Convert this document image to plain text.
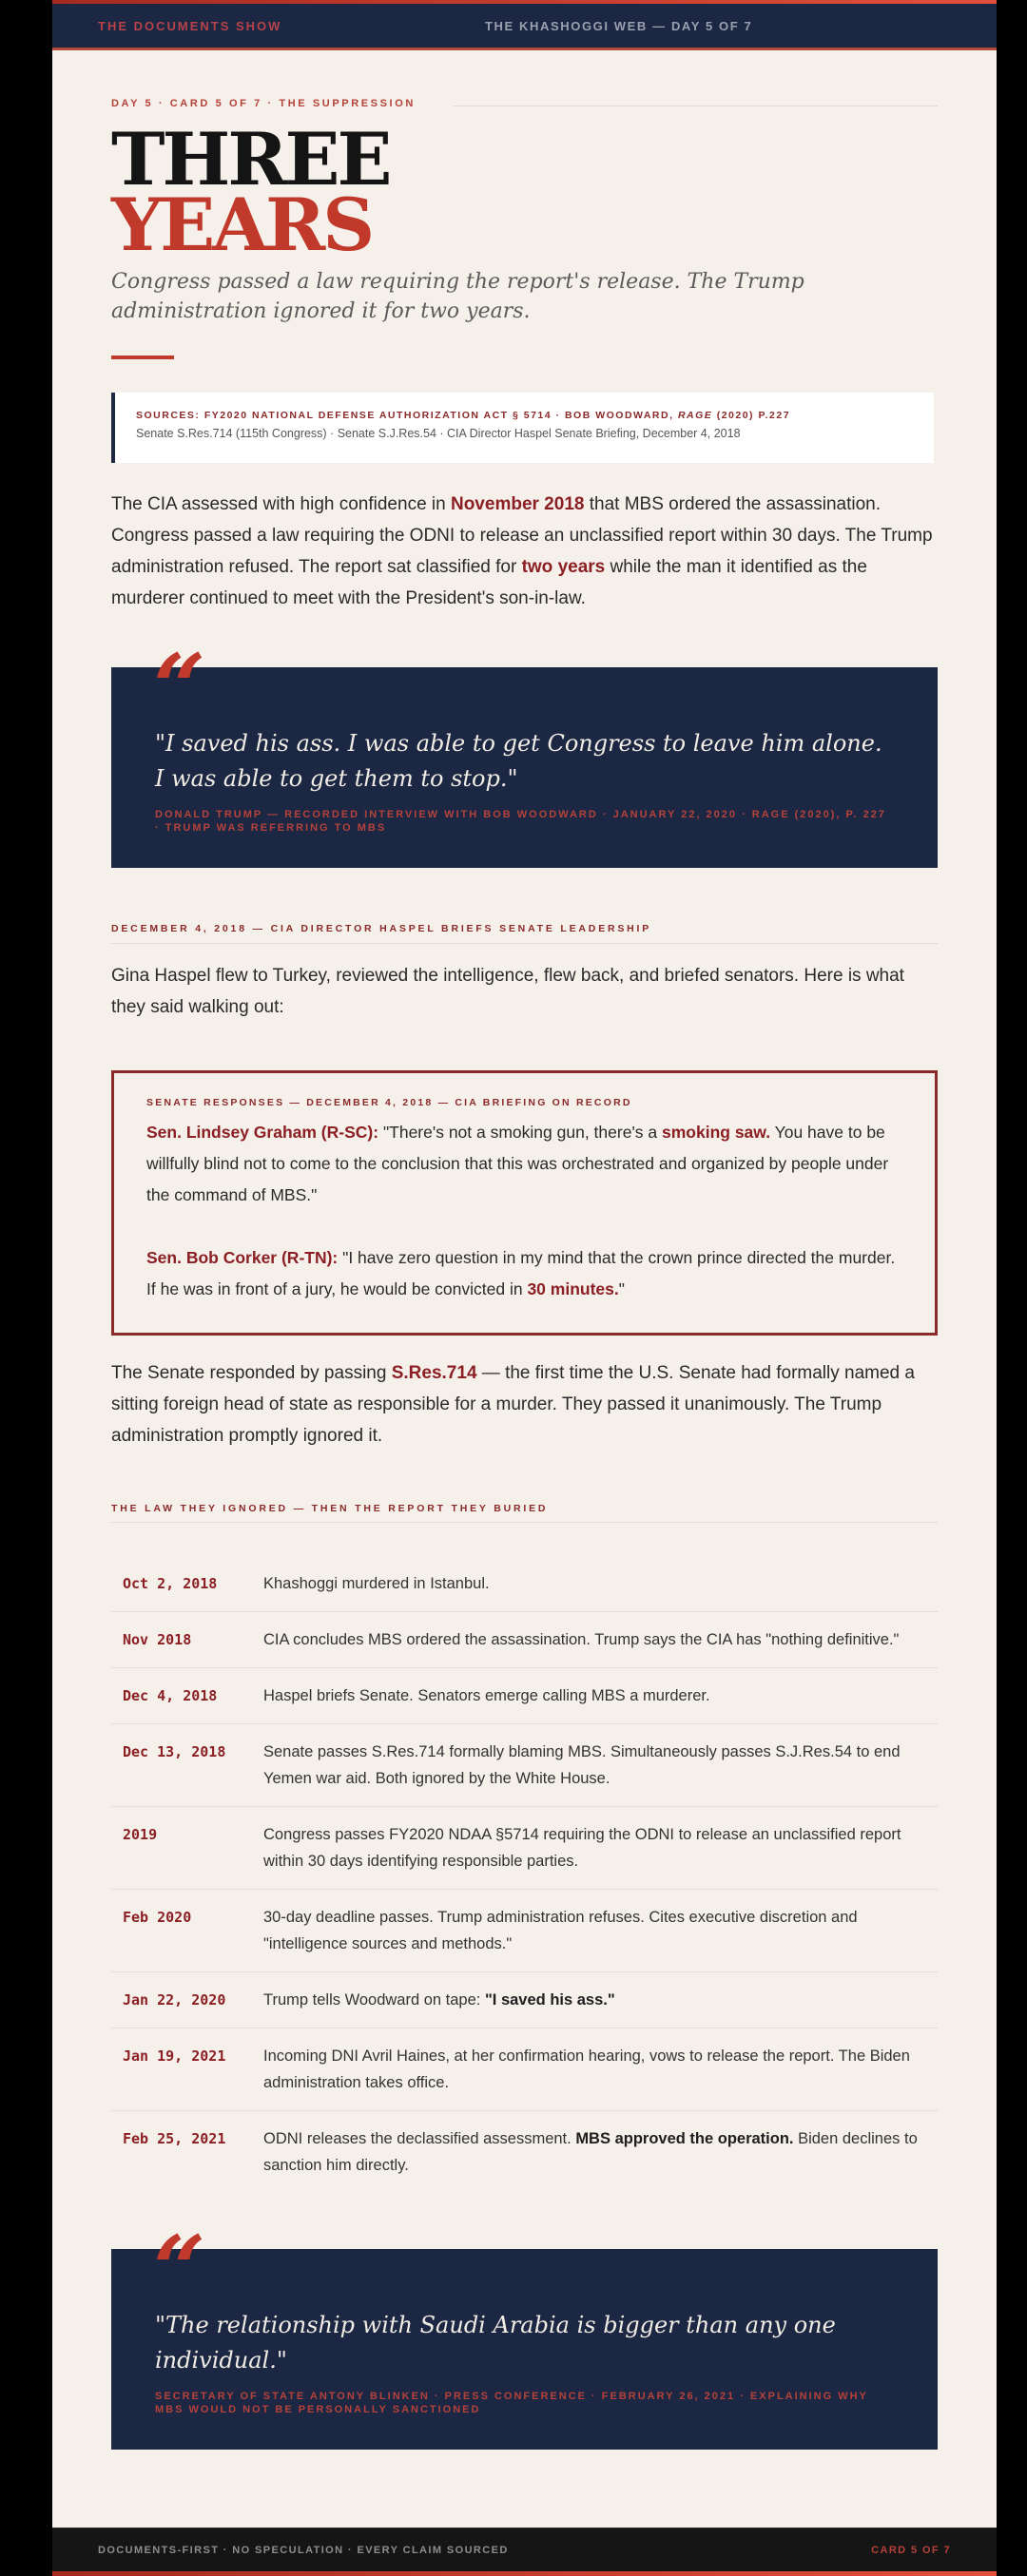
THE DOCUMENTS SHOW	THE KHASHOGGI WEB — DAY 5 OF 7
DAY 5 · CARD 5 OF 7 · THE SUPPRESSION
THREE
YEARS
Congress passed a law requiring the report's release. The Trump administration ignored it for two years.
SOURCES: FY2020 NATIONAL DEFENSE AUTHORIZATION ACT § 5714 · BOB WOODWARD, RAGE (2020) P.227
Senate S.Res.714 (115th Congress) · Senate S.J.Res.54 · CIA Director Haspel Senate Briefing, December 4, 2018
The CIA assessed with high confidence in November 2018 that MBS ordered the assassination. Congress passed a law requiring the ODNI to release an unclassified report within 30 days. The Trump administration refused. The report sat classified for two years while the man it identified as the murderer continued to meet with the President's son-in-law.
“
"I saved his ass. I was able to get Congress to leave him alone. I was able to get them to stop."
DONALD TRUMP — RECORDED INTERVIEW WITH BOB WOODWARD · JANUARY 22, 2020 · RAGE (2020), P. 227 · TRUMP WAS REFERRING TO MBS
DECEMBER 4, 2018 — CIA DIRECTOR HASPEL BRIEFS SENATE LEADERSHIP
Gina Haspel flew to Turkey, reviewed the intelligence, flew back, and briefed senators. Here is what they said walking out:
SENATE RESPONSES — DECEMBER 4, 2018 — CIA BRIEFING ON RECORD
Sen. Lindsey Graham (R-SC): "There's not a smoking gun, there's a smoking saw. You have to be willfully blind not to come to the conclusion that this was orchestrated and organized by people under the command of MBS."
Sen. Bob Corker (R-TN): "I have zero question in my mind that the crown prince directed the murder. If he was in front of a jury, he would be convicted in 30 minutes."
The Senate responded by passing S.Res.714 — the first time the U.S. Senate had formally named a sitting foreign head of state as responsible for a murder. They passed it unanimously. The Trump administration promptly ignored it.
THE LAW THEY IGNORED — THEN THE REPORT THEY BURIED
Oct 2, 2018	Khashoggi murdered in Istanbul.
Nov 2018	CIA concludes MBS ordered the assassination. Trump says the CIA has "nothing definitive."
Dec 4, 2018	Haspel briefs Senate. Senators emerge calling MBS a murderer.
Dec 13, 2018	Senate passes S.Res.714 formally blaming MBS. Simultaneously passes S.J.Res.54 to end Yemen war aid. Both ignored by the White House.
2019	Congress passes FY2020 NDAA §5714 requiring the ODNI to release an unclassified report within 30 days identifying responsible parties.
Feb 2020	30-day deadline passes. Trump administration refuses. Cites executive discretion and "intelligence sources and methods."
Jan 22, 2020	Trump tells Woodward on tape: "I saved his ass."
Jan 19, 2021	Incoming DNI Avril Haines, at her confirmation hearing, vows to release the report. The Biden administration takes office.
Feb 25, 2021	ODNI releases the declassified assessment. MBS approved the operation. Biden declines to sanction him directly.
“
"The relationship with Saudi Arabia is bigger than any one individual."
SECRETARY OF STATE ANTONY BLINKEN · PRESS CONFERENCE · FEBRUARY 26, 2021 · EXPLAINING WHY MBS WOULD NOT BE PERSONALLY SANCTIONED
DOCUMENTS-FIRST · NO SPECULATION · EVERY CLAIM SOURCED	CARD 5 OF 7
